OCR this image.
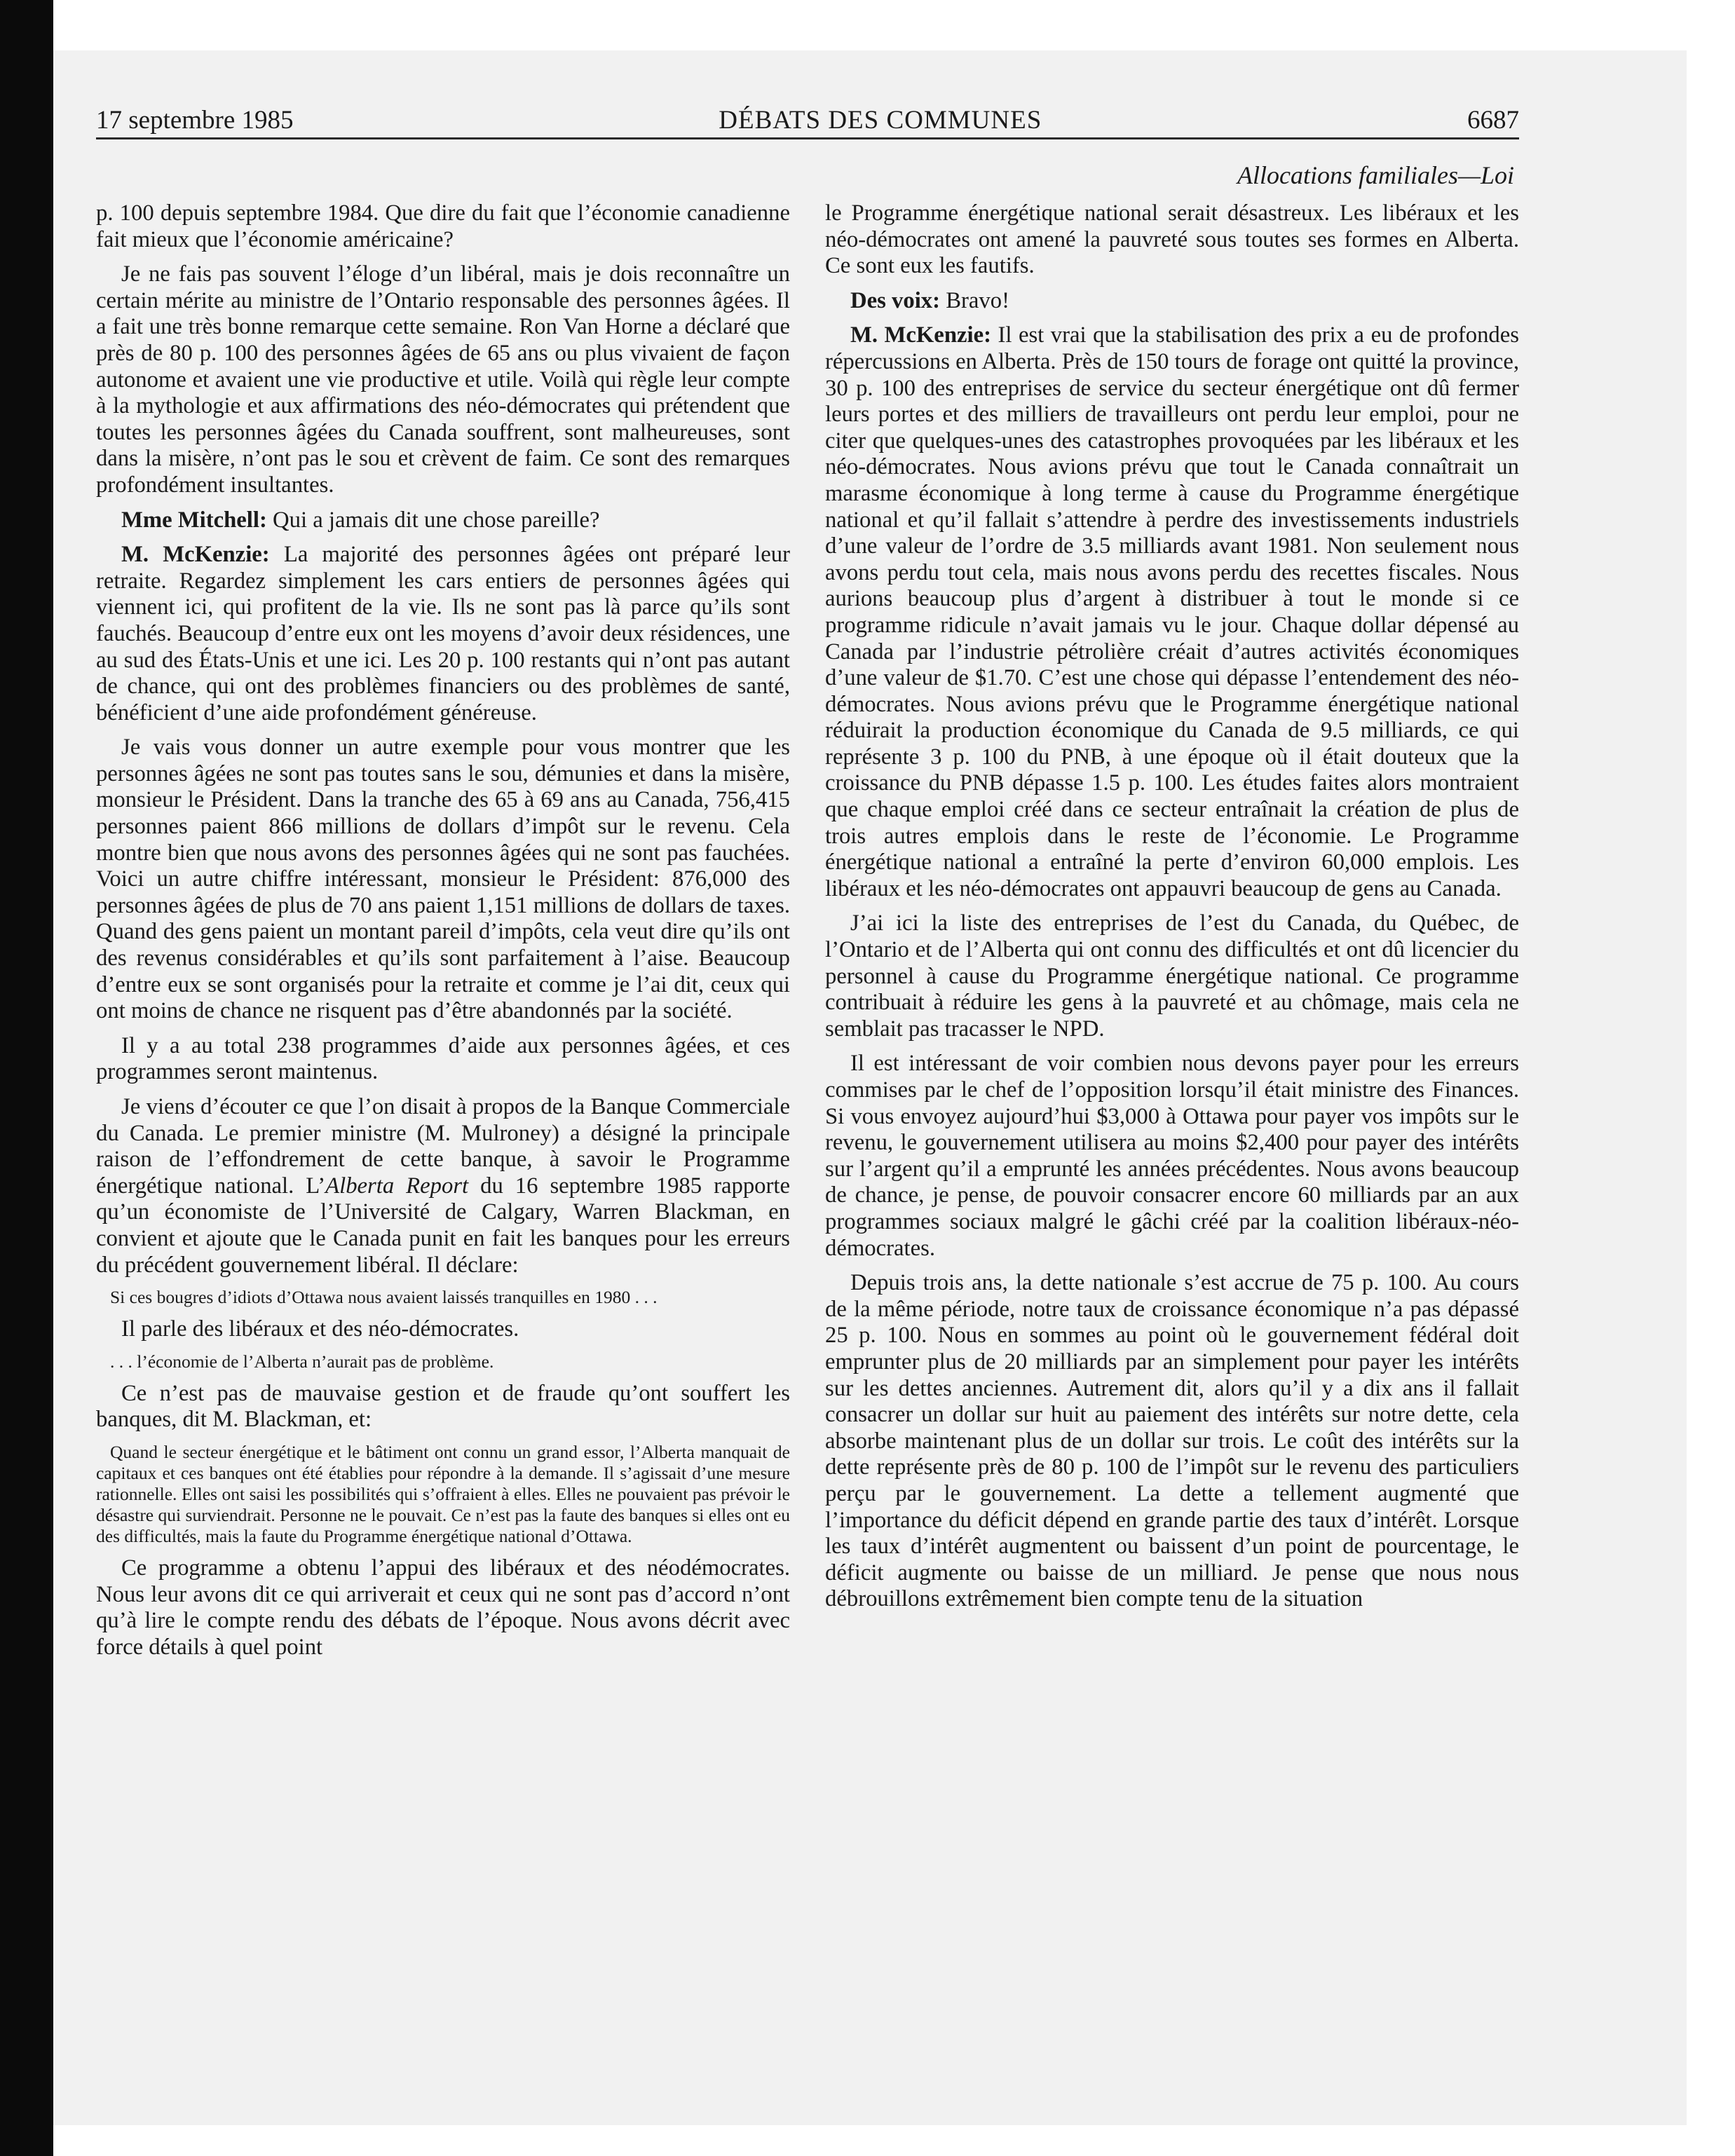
17 septembre 1985	DÉBATS DES COMMUNES	6687
Allocations familiales—Loi

p. 100 depuis septembre 1984. Que dire du fait que l’économie canadienne fait mieux que l’économie américaine?

Je ne fais pas souvent l’éloge d’un libéral, mais je dois reconnaître un certain mérite au ministre de l’Ontario responsable des personnes âgées. Il a fait une très bonne remarque cette semaine. Ron Van Horne a déclaré que près de 80 p. 100 des personnes âgées de 65 ans ou plus vivaient de façon autonome et avaient une vie productive et utile. Voilà qui règle leur compte à la mythologie et aux affirmations des néo-démocrates qui prétendent que toutes les personnes âgées du Canada souffrent, sont malheureuses, sont dans la misère, n’ont pas le sou et crèvent de faim. Ce sont des remarques profondément insultantes.

Mme Mitchell: Qui a jamais dit une chose pareille?

M. McKenzie: La majorité des personnes âgées ont préparé leur retraite. Regardez simplement les cars entiers de personnes âgées qui viennent ici, qui profitent de la vie. Ils ne sont pas là parce qu’ils sont fauchés. Beaucoup d’entre eux ont les moyens d’avoir deux résidences, une au sud des États-Unis et une ici. Les 20 p. 100 restants qui n’ont pas autant de chance, qui ont des problèmes financiers ou des problèmes de santé, bénéficient d’une aide profondément généreuse.

Je vais vous donner un autre exemple pour vous montrer que les personnes âgées ne sont pas toutes sans le sou, démunies et dans la misère, monsieur le Président. Dans la tranche des 65 à 69 ans au Canada, 756,415 personnes paient 866 millions de dollars d’impôt sur le revenu. Cela montre bien que nous avons des personnes âgées qui ne sont pas fauchées. Voici un autre chiffre intéressant, monsieur le Président: 876,000 des personnes âgées de plus de 70 ans paient 1,151 millions de dollars de taxes. Quand des gens paient un montant pareil d’impôts, cela veut dire qu’ils ont des revenus considérables et qu’ils sont parfaitement à l’aise. Beaucoup d’entre eux se sont organisés pour la retraite et comme je l’ai dit, ceux qui ont moins de chance ne risquent pas d’être abandonnés par la société.

Il y a au total 238 programmes d’aide aux personnes âgées, et ces programmes seront maintenus.

Je viens d’écouter ce que l’on disait à propos de la Banque Commerciale du Canada. Le premier ministre (M. Mulroney) a désigné la principale raison de l’effondrement de cette banque, à savoir le Programme énergétique national. L’Alberta Report du 16 septembre 1985 rapporte qu’un économiste de l’Université de Calgary, Warren Blackman, en convient et ajoute que le Canada punit en fait les banques pour les erreurs du précédent gouvernement libéral. Il déclare:

Si ces bougres d’idiots d’Ottawa nous avaient laissés tranquilles en 1980 . . .

Il parle des libéraux et des néo-démocrates.

. . . l’économie de l’Alberta n’aurait pas de problème.

Ce n’est pas de mauvaise gestion et de fraude qu’ont souffert les banques, dit M. Blackman, et:

Quand le secteur énergétique et le bâtiment ont connu un grand essor, l’Alberta manquait de capitaux et ces banques ont été établies pour répondre à la demande. Il s’agissait d’une mesure rationnelle. Elles ont saisi les possibilités qui s’offraient à elles. Elles ne pouvaient pas prévoir le désastre qui surviendrait. Personne ne le pouvait. Ce n’est pas la faute des banques si elles ont eu des difficultés, mais la faute du Programme énergétique national d’Ottawa.

Ce programme a obtenu l’appui des libéraux et des néodémocrates. Nous leur avons dit ce qui arriverait et ceux qui ne sont pas d’accord n’ont qu’à lire le compte rendu des débats de l’époque. Nous avons décrit avec force détails à quel point

le Programme énergétique national serait désastreux. Les libéraux et les néo-démocrates ont amené la pauvreté sous toutes ses formes en Alberta. Ce sont eux les fautifs.

Des voix: Bravo!

M. McKenzie: Il est vrai que la stabilisation des prix a eu de profondes répercussions en Alberta. Près de 150 tours de forage ont quitté la province, 30 p. 100 des entreprises de service du secteur énergétique ont dû fermer leurs portes et des milliers de travailleurs ont perdu leur emploi, pour ne citer que quelques-unes des catastrophes provoquées par les libéraux et les néo-démocrates. Nous avions prévu que tout le Canada connaîtrait un marasme économique à long terme à cause du Programme énergétique national et qu’il fallait s’attendre à perdre des investissements industriels d’une valeur de l’ordre de 3.5 milliards avant 1981. Non seulement nous avons perdu tout cela, mais nous avons perdu des recettes fiscales. Nous aurions beaucoup plus d’argent à distribuer à tout le monde si ce programme ridicule n’avait jamais vu le jour. Chaque dollar dépensé au Canada par l’industrie pétrolière créait d’autres activités économiques d’une valeur de $1.70. C’est une chose qui dépasse l’entendement des néo-démocrates. Nous avions prévu que le Programme énergétique national réduirait la production économique du Canada de 9.5 milliards, ce qui représente 3 p. 100 du PNB, à une époque où il était douteux que la croissance du PNB dépasse 1.5 p. 100. Les études faites alors montraient que chaque emploi créé dans ce secteur entraînait la création de plus de trois autres emplois dans le reste de l’économie. Le Programme énergétique national a entraîné la perte d’environ 60,000 emplois. Les libéraux et les néo-démocrates ont appauvri beaucoup de gens au Canada.

J’ai ici la liste des entreprises de l’est du Canada, du Québec, de l’Ontario et de l’Alberta qui ont connu des difficultés et ont dû licencier du personnel à cause du Programme énergétique national. Ce programme contribuait à réduire les gens à la pauvreté et au chômage, mais cela ne semblait pas tracasser le NPD.

Il est intéressant de voir combien nous devons payer pour les erreurs commises par le chef de l’opposition lorsqu’il était ministre des Finances. Si vous envoyez aujourd’hui $3,000 à Ottawa pour payer vos impôts sur le revenu, le gouvernement utilisera au moins $2,400 pour payer des intérêts sur l’argent qu’il a emprunté les années précédentes. Nous avons beaucoup de chance, je pense, de pouvoir consacrer encore 60 milliards par an aux programmes sociaux malgré le gâchi créé par la coalition libéraux-néo-démocrates.

Depuis trois ans, la dette nationale s’est accrue de 75 p. 100. Au cours de la même période, notre taux de croissance économique n’a pas dépassé 25 p. 100. Nous en sommes au point où le gouvernement fédéral doit emprunter plus de 20 milliards par an simplement pour payer les intérêts sur les dettes anciennes. Autrement dit, alors qu’il y a dix ans il fallait consacrer un dollar sur huit au paiement des intérêts sur notre dette, cela absorbe maintenant plus de un dollar sur trois. Le coût des intérêts sur la dette représente près de 80 p. 100 de l’impôt sur le revenu des particuliers perçu par le gouvernement. La dette a tellement augmenté que l’importance du déficit dépend en grande partie des taux d’intérêt. Lorsque les taux d’intérêt augmentent ou baissent d’un point de pourcentage, le déficit augmente ou baisse de un milliard. Je pense que nous nous débrouillons extrêmement bien compte tenu de la situation
